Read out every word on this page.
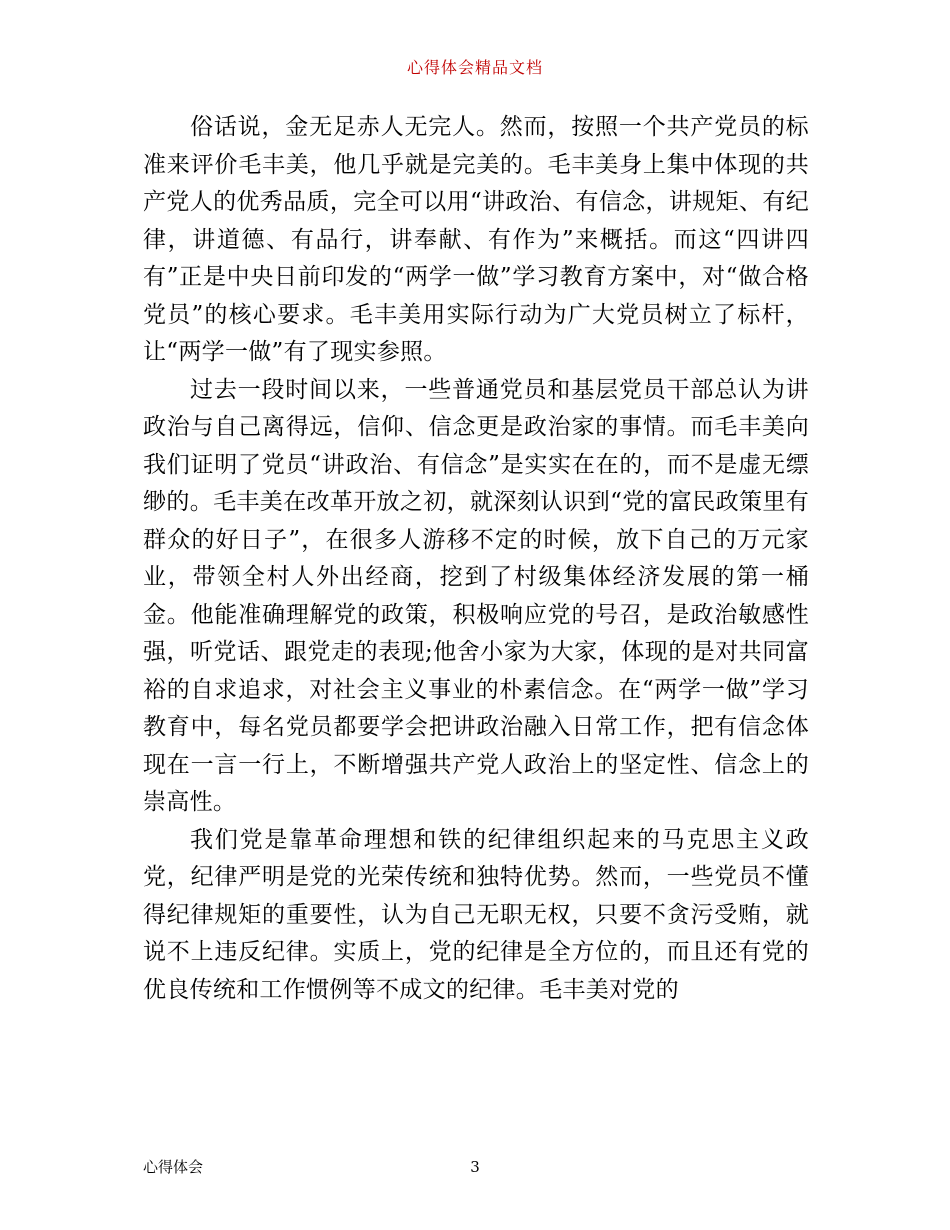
心得体会精品文档

俗话说，金无足赤人无完人。然而，按照一个共产党员的标准来评价毛丰美，他几乎就是完美的。毛丰美身上集中体现的共产党人的优秀品质，完全可以用“讲政治、有信念，讲规矩、有纪律，讲道德、有品行，讲奉献、有作为”来概括。而这“四讲四有”正是中央日前印发的“两学一做”学习教育方案中，对“做合格党员”的核心要求。毛丰美用实际行动为广大党员树立了标杆，让“两学一做”有了现实参照。

过去一段时间以来，一些普通党员和基层党员干部总认为讲政治与自己离得远，信仰、信念更是政治家的事情。而毛丰美向我们证明了党员“讲政治、有信念”是实实在在的，而不是虚无缥缈的。毛丰美在改革开放之初，就深刻认识到“党的富民政策里有群众的好日子”，在很多人游移不定的时候，放下自己的万元家业，带领全村人外出经商，挖到了村级集体经济发展的第一桶金。他能准确理解党的政策，积极响应党的号召，是政治敏感性强，听党话、跟党走的表现;他舍小家为大家，体现的是对共同富裕的自求追求，对社会主义事业的朴素信念。在“两学一做”学习教育中，每名党员都要学会把讲政治融入日常工作，把有信念体现在一言一行上，不断增强共产党人政治上的坚定性、信念上的崇高性。

我们党是靠革命理想和铁的纪律组织起来的马克思主义政党，纪律严明是党的光荣传统和独特优势。然而，一些党员不懂得纪律规矩的重要性，认为自己无职无权，只要不贪污受贿，就说不上违反纪律。实质上，党的纪律是全方位的，而且还有党的优良传统和工作惯例等不成文的纪律。毛丰美对党的

心得体会	3
